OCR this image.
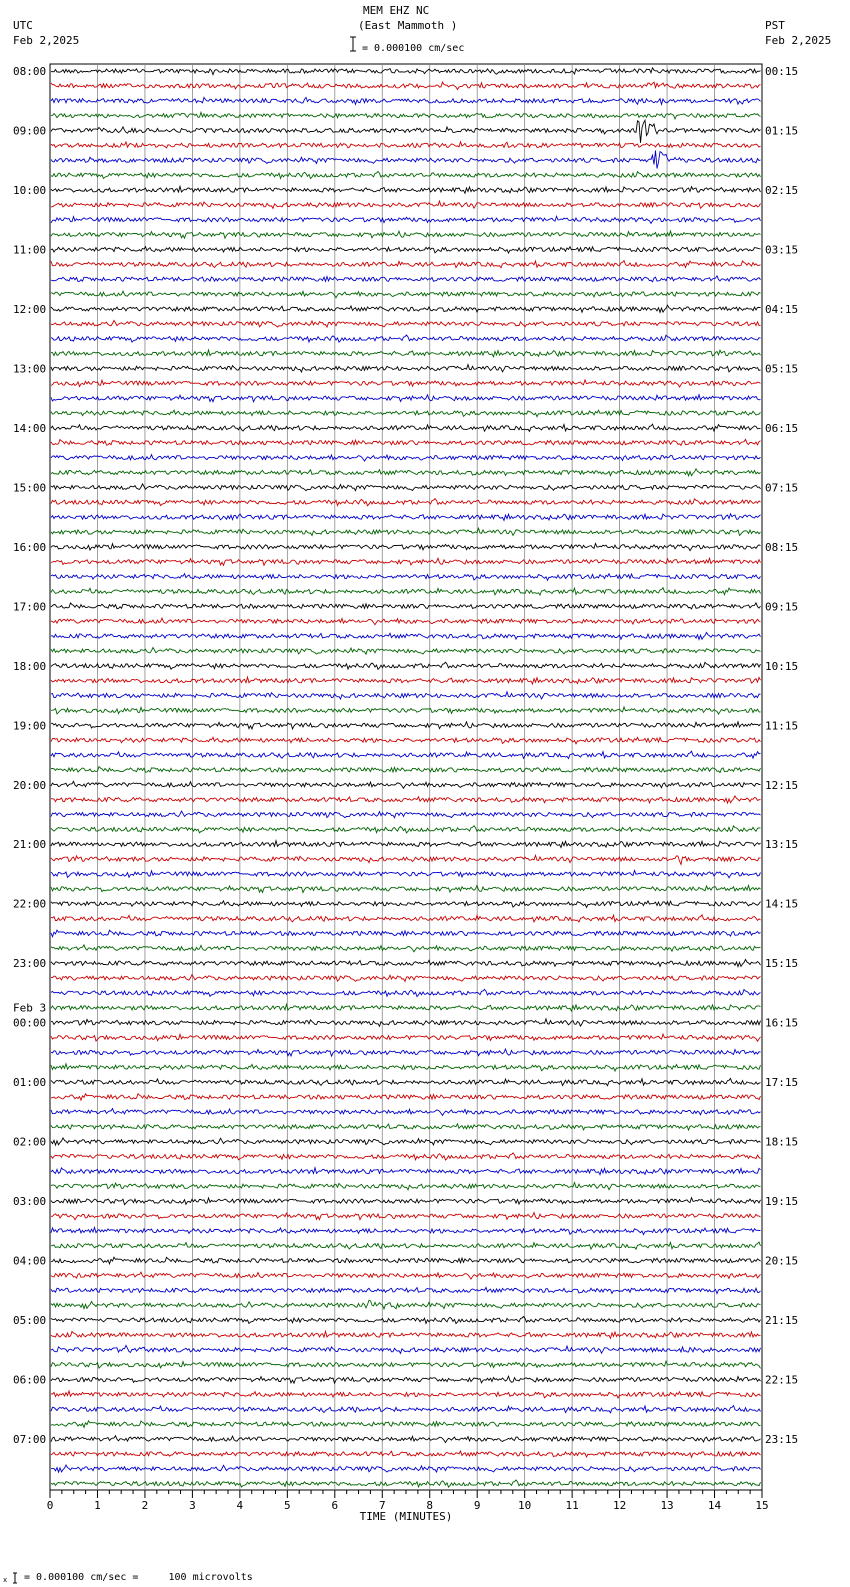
MEM EHZ NC
(East Mammoth )
UTC
Feb 2,2025
PST
Feb 2,2025
= 0.000100 cm/sec
0	1	2	3	4	5	6	7	8	9	10	11	12	13	14	15
TIME (MINUTES)
08:00
09:00
10:00
11:00
12:00
13:00
14:00
15:00
16:00
17:00
18:00
19:00
20:00
21:00
22:00
23:00
00:00
01:00
02:00
03:00
04:00
05:00
06:00
07:00
00:15
01:15
02:15
03:15
04:15
05:15
06:15
07:15
08:15
09:15
10:15
11:15
12:15
13:15
14:15
15:15
16:15
17:15
18:15
19:15
20:15
21:15
22:15
23:15
Feb 3
x = 0.000100 cm/sec =     100 microvolts
